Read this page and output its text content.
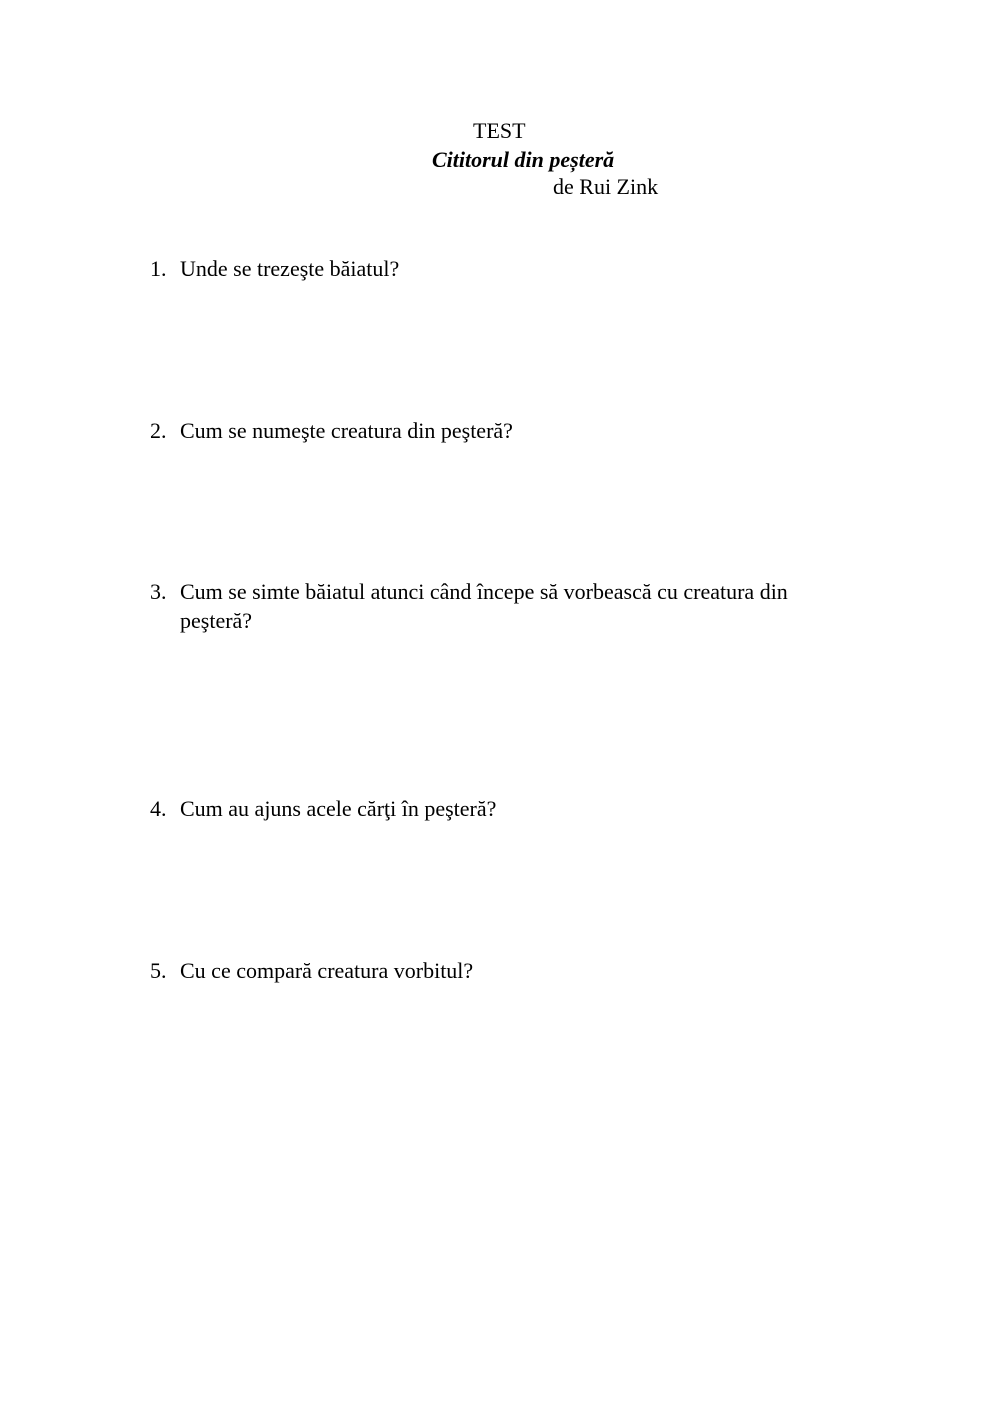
TEST
Cititorul din peșteră
de Rui Zink
1. Unde se trezeşte băiatul?
2. Cum se numeşte creatura din peşteră?
3. Cum se simte băiatul atunci când începe să vorbească cu creatura din peşteră?
4. Cum au ajuns acele cărţi în peşteră?
5. Cu ce compară creatura vorbitul?
